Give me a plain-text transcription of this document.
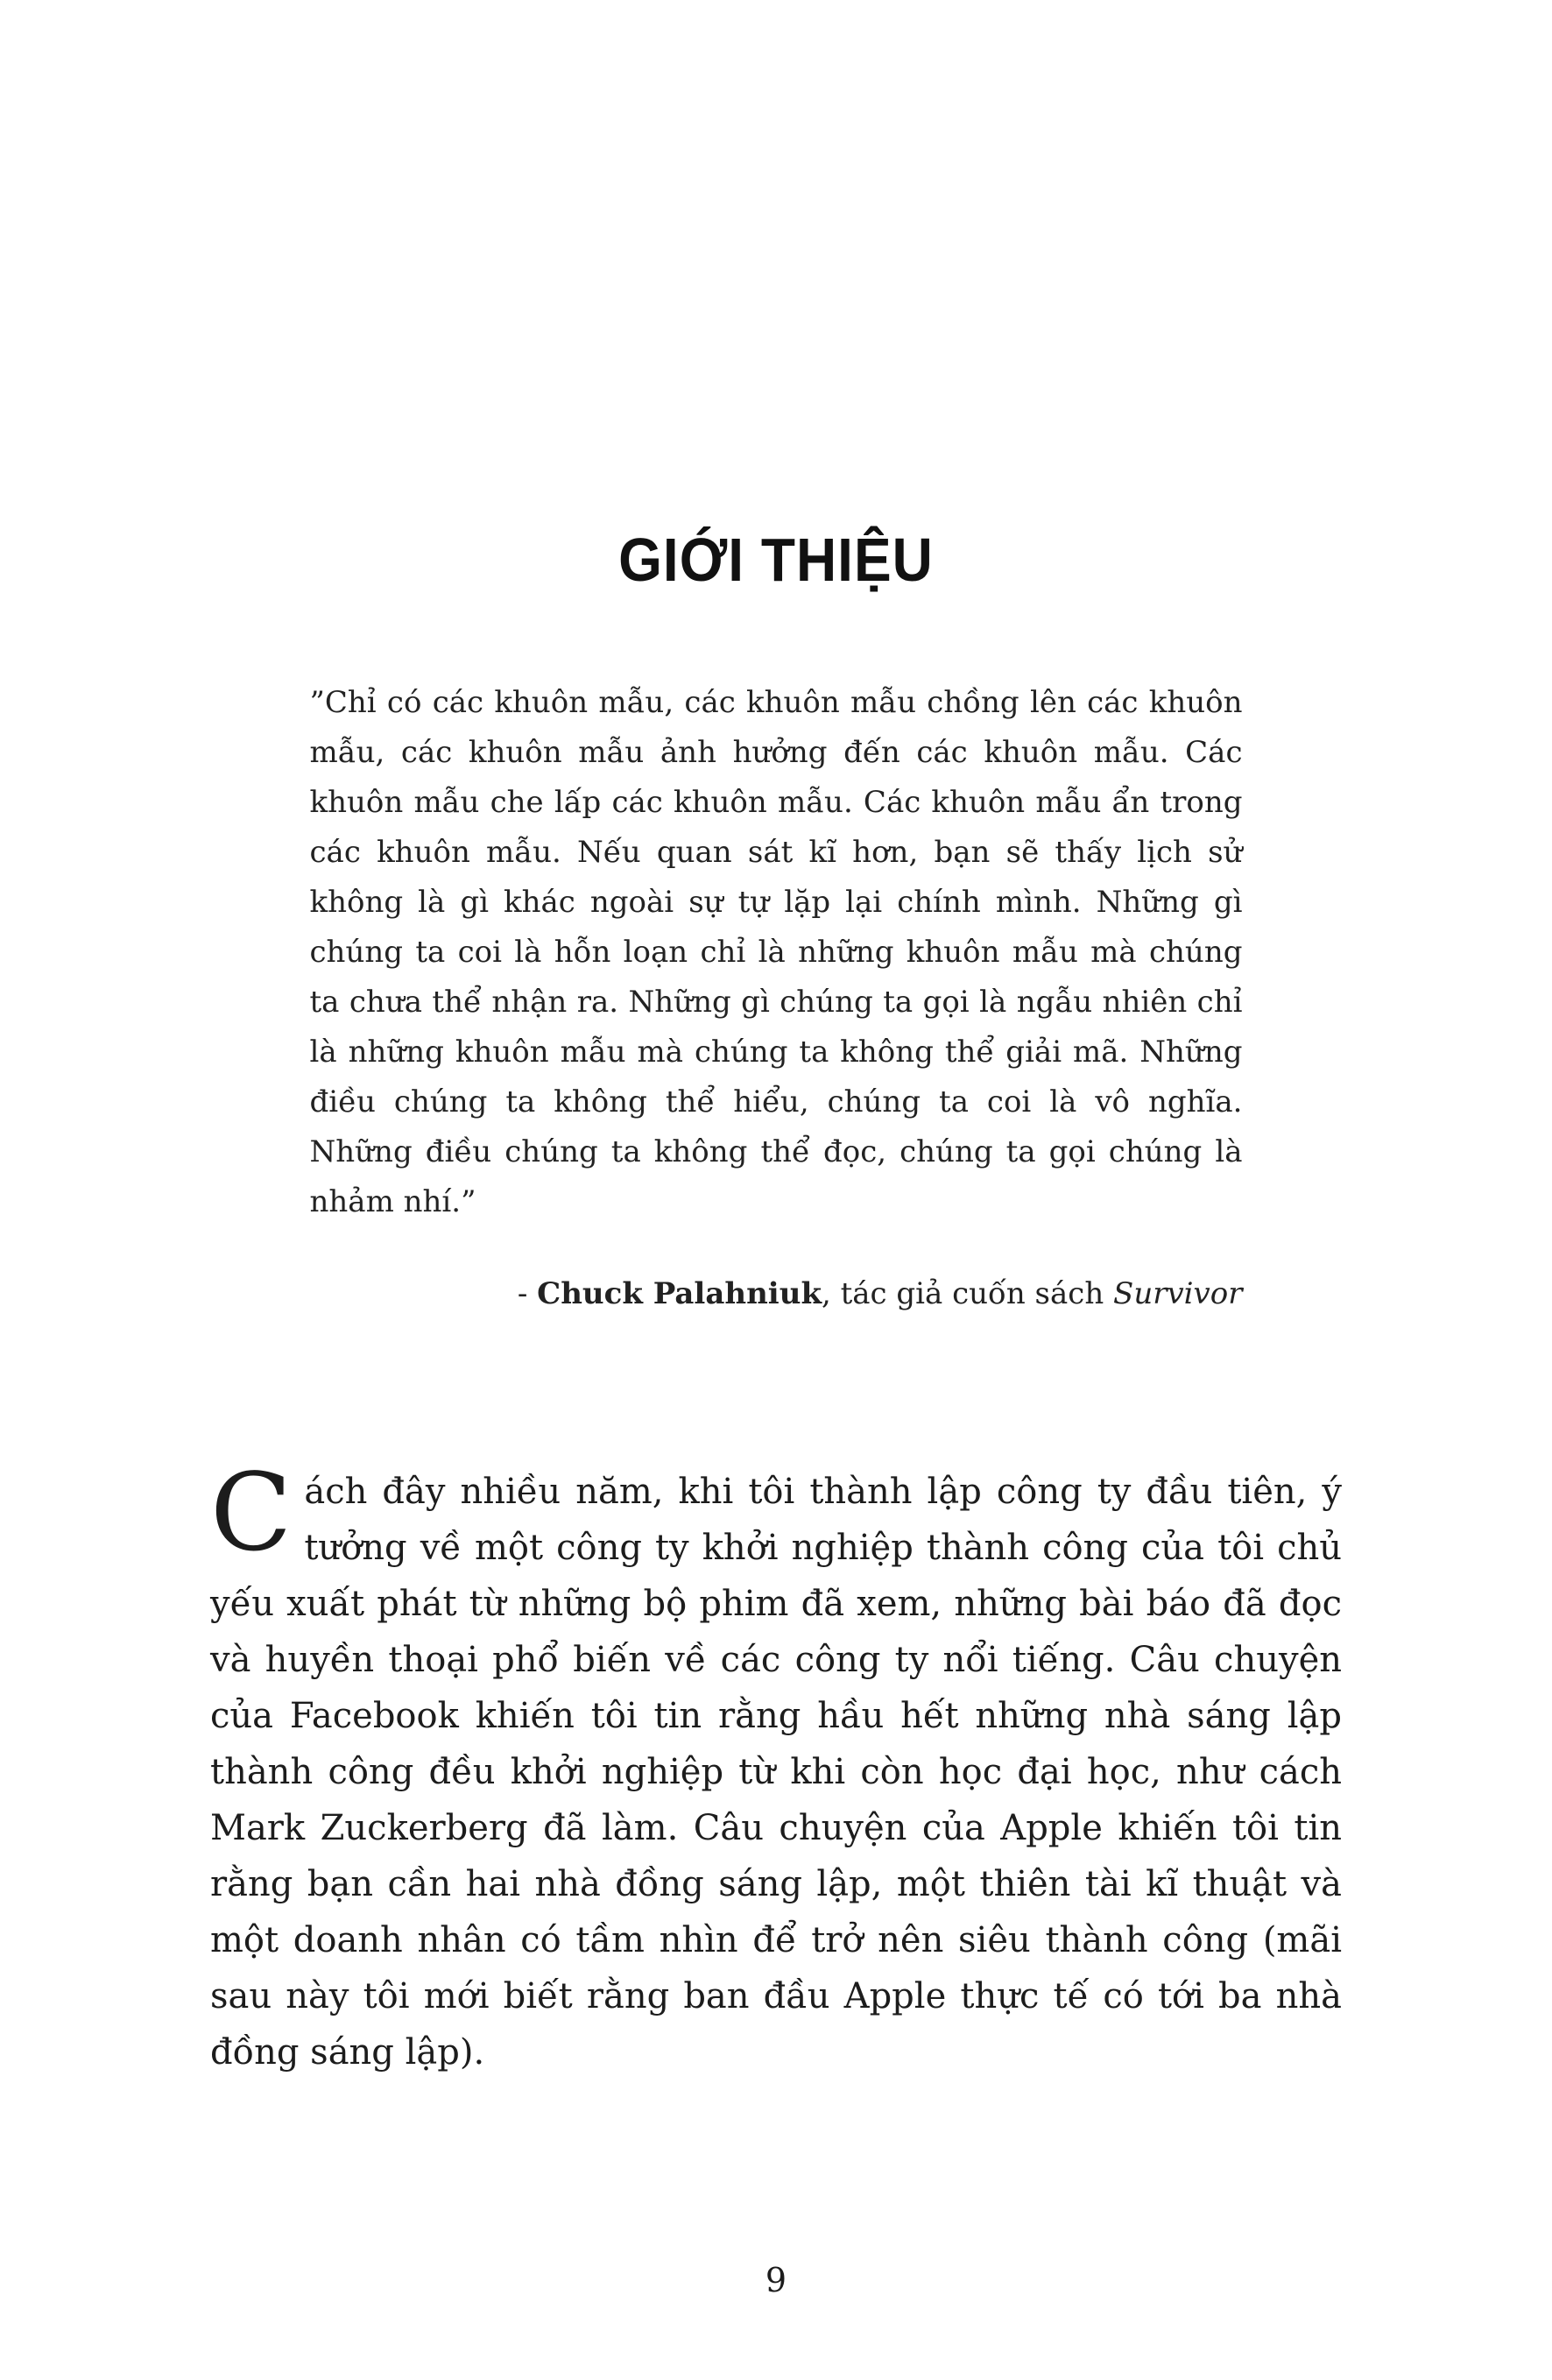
GIỚI THIỆU
”Chỉ có các khuôn mẫu, các khuôn mẫu chồng lên các khuôn mẫu, các khuôn mẫu ảnh hưởng đến các khuôn mẫu. Các khuôn mẫu che lấp các khuôn mẫu. Các khuôn mẫu ẩn trong các khuôn mẫu. Nếu quan sát kĩ hơn, bạn sẽ thấy lịch sử không là gì khác ngoài sự tự lặp lại chính mình. Những gì chúng ta coi là hỗn loạn chỉ là những khuôn mẫu mà chúng ta chưa thể nhận ra. Những gì chúng ta gọi là ngẫu nhiên chỉ là những khuôn mẫu mà chúng ta không thể giải mã. Những điều chúng ta không thể hiểu, chúng ta coi là vô nghĩa. Những điều chúng ta không thể đọc, chúng ta gọi chúng là nhảm nhí.”
- Chuck Palahniuk, tác giả cuốn sách Survivor
Cách đây nhiều năm, khi tôi thành lập công ty đầu tiên, ý tưởng về một công ty khởi nghiệp thành công của tôi chủ yếu xuất phát từ những bộ phim đã xem, những bài báo đã đọc và huyền thoại phổ biến về các công ty nổi tiếng. Câu chuyện của Facebook khiến tôi tin rằng hầu hết những nhà sáng lập thành công đều khởi nghiệp từ khi còn học đại học, như cách Mark Zuckerberg đã làm. Câu chuyện của Apple khiến tôi tin rằng bạn cần hai nhà đồng sáng lập, một thiên tài kĩ thuật và một doanh nhân có tầm nhìn để trở nên siêu thành công (mãi sau này tôi mới biết rằng ban đầu Apple thực tế có tới ba nhà đồng sáng lập).
9
